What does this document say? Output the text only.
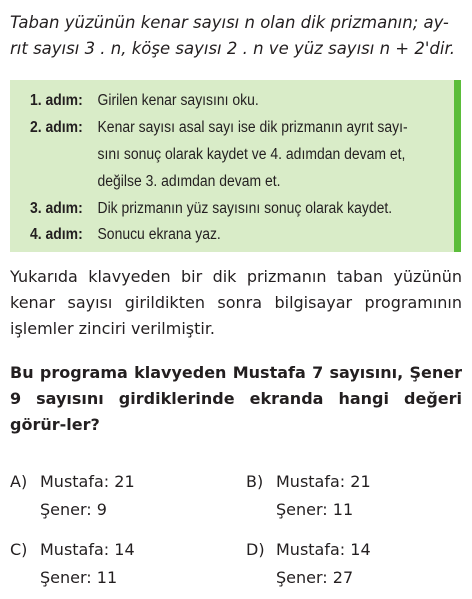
Taban yüzünün kenar sayısı n olan dik prizmanın; ay-
rıt sayısı 3 . n, köşe sayısı 2 . n ve yüz sayısı n + 2'dir.
1. adım: Girilen kenar sayısını oku.
2. adım: Kenar sayısı asal sayı ise dik prizmanın ayrıt sayı-
sını sonuç olarak kaydet ve 4. adımdan devam et,
değilse 3. adımdan devam et.
3. adım: Dik prizmanın yüz sayısını sonuç olarak kaydet.
4. adım: Sonucu ekrana yaz.

Yukarıda klavyeden bir dik prizmanın taban yüzünün kenar sayısı girildikten sonra bilgisayar programının işlemler zinciri verilmiştir.

Bu programa klavyeden Mustafa 7 sayısını, Şener 9 sayısını girdiklerinde ekranda hangi değeri görür-ler?

A) Mustafa: 21
Şener: 9
B) Mustafa: 21
Şener: 11
C) Mustafa: 14
Şener: 11
D) Mustafa: 14
Şener: 27
